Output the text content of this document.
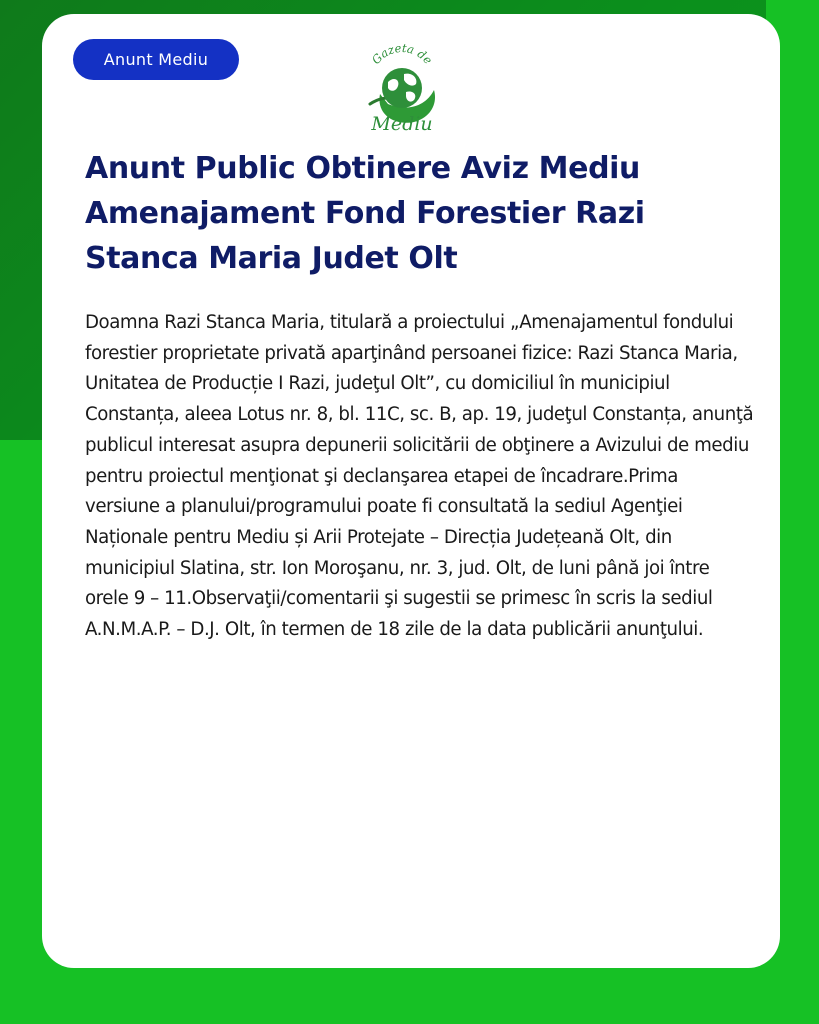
Anunt Mediu	Gazeta de
Mediu
Anunt Public Obtinere Aviz Mediu Amenajament Fond Forestier Razi Stanca Maria Judet Olt

Doamna Razi Stanca Maria, titulară a proiectului „Amenajamentul fondului forestier proprietate privată aparţinând persoanei fizice: Razi Stanca Maria, Unitatea de Producție I Razi, judeţul Olt”, cu domiciliul în municipiul Constanța, aleea Lotus nr. 8, bl. 11C, sc. B, ap. 19, judeţul Constanța, anunţă publicul interesat asupra depunerii solicitării de obţinere a Avizului de mediu pentru proiectul menţionat şi declanşarea etapei de încadrare.Prima versiune a planului/programului poate fi consultată la sediul Agenţiei Naționale pentru Mediu și Arii Protejate – Direcția Județeană Olt, din municipiul Slatina, str. Ion Moroşanu, nr. 3, jud. Olt, de luni până joi între orele 9 – 11.Observaţii/comentarii şi sugestii se primesc în scris la sediul A.N.M.A.P. – D.J. Olt, în termen de 18 zile de la data publicării anunţului.
